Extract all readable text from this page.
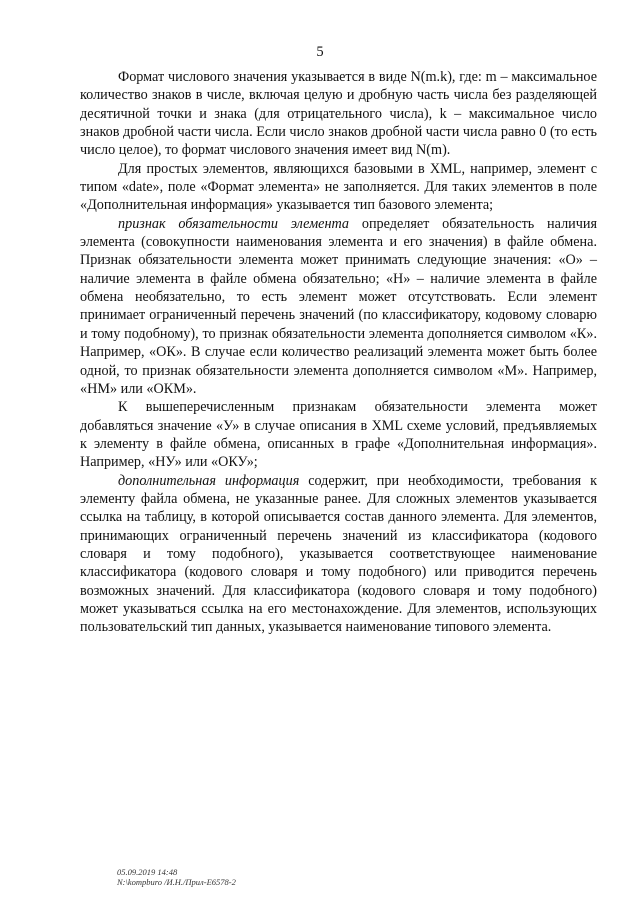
5

Формат числового значения указывается в виде N(m.k), где: m – максимальное количество знаков в числе, включая целую и дробную часть числа без разделяющей десятичной точки и знака (для отрицательного числа), k – максимальное число знаков дробной части числа. Если число знаков дробной части числа равно 0 (то есть число целое), то формат числового значения имеет вид N(m).

Для простых элементов, являющихся базовыми в XML, например, элемент с типом «date», поле «Формат элемента» не заполняется. Для таких элементов в поле «Дополнительная информация» указывается тип базового элемента;

признак обязательности элемента определяет обязательность наличия элемента (совокупности наименования элемента и его значения) в файле обмена. Признак обязательности элемента может принимать следующие значения: «О» – наличие элемента в файле обмена обязательно; «Н» – наличие элемента в файле обмена необязательно, то есть элемент может отсутствовать. Если элемент принимает ограниченный перечень значений (по классификатору, кодовому словарю и тому подобному), то признак обязательности элемента дополняется символом «К». Например, «ОК». В случае если количество реализаций элемента может быть более одной, то признак обязательности элемента дополняется символом «М». Например, «НМ» или «ОКМ».

К вышеперечисленным признакам обязательности элемента может добавляться значение «У» в случае описания в XML схеме условий, предъявляемых к элементу в файле обмена, описанных в графе «Дополнительная информация». Например, «НУ» или «ОКУ»;

дополнительная информация содержит, при необходимости, требования к элементу файла обмена, не указанные ранее. Для сложных элементов указывается ссылка на таблицу, в которой описывается состав данного элемента. Для элементов, принимающих ограниченный перечень значений из классификатора (кодового словаря и тому подобного), указывается соответствующее наименование классификатора (кодового словаря и тому подобного) или приводится перечень возможных значений. Для классификатора (кодового словаря и тому подобного) может указываться ссылка на его местонахождение. Для элементов, использующих пользовательский тип данных, указывается наименование типового элемента.

05.09.2019 14:48
N:\kompburo /И.Н./Прил-Е6578-2
